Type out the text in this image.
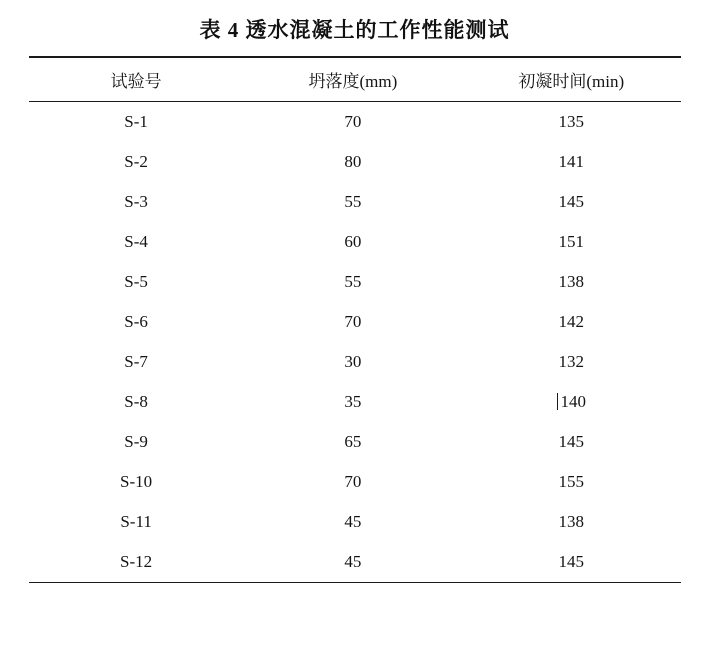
表 4 透水混凝土的工作性能测试
试验号	坍落度(mm)	初凝时间(min)
S-1	70	135
S-2	80	141
S-3	55	145
S-4	60	151
S-5	55	138
S-6	70	142
S-7	30	132
S-8	35	140
S-9	65	145
S-10	70	155
S-11	45	138
S-12	45	145
